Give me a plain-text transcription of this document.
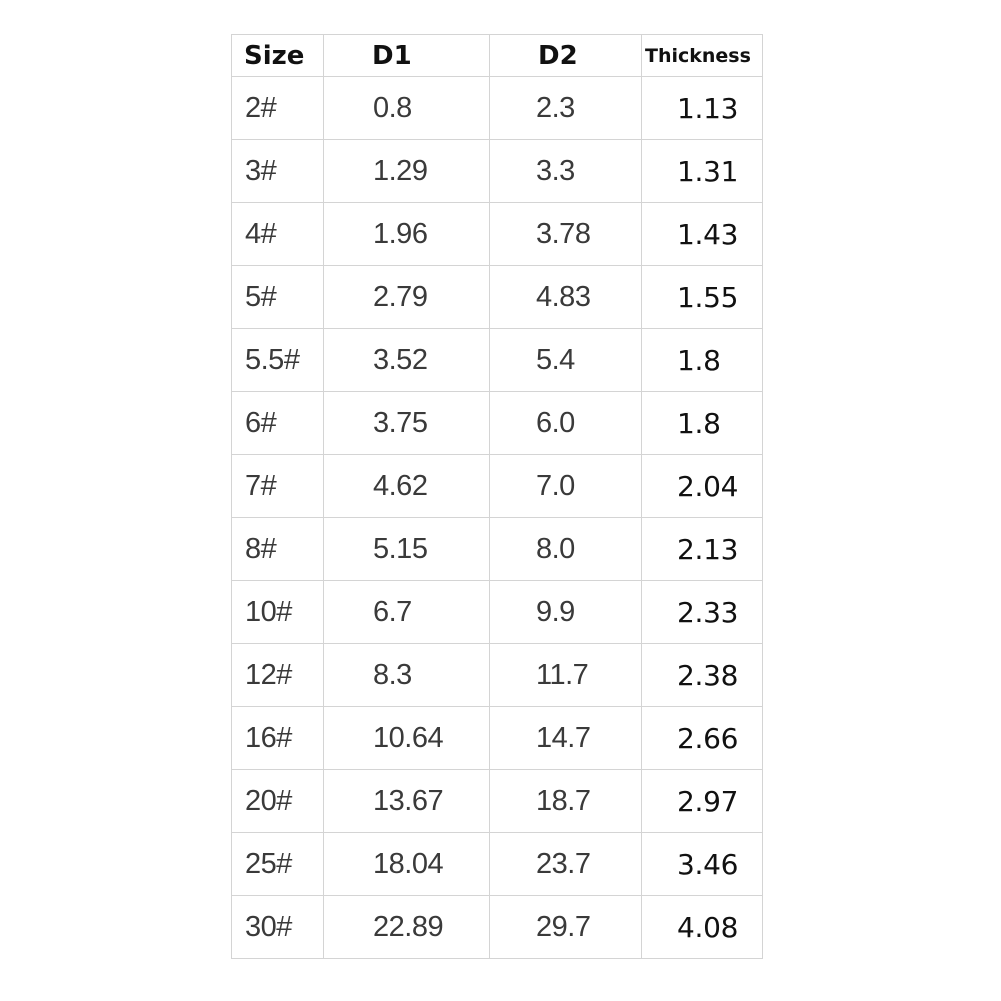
Size	D1	D2	Thickness
2#	0.8	2.3	1.13
3#	1.29	3.3	1.31
4#	1.96	3.78	1.43
5#	2.79	4.83	1.55
5.5#	3.52	5.4	1.8
6#	3.75	6.0	1.8
7#	4.62	7.0	2.04
8#	5.15	8.0	2.13
10#	6.7	9.9	2.33
12#	8.3	11.7	2.38
16#	10.64	14.7	2.66
20#	13.67	18.7	2.97
25#	18.04	23.7	3.46
30#	22.89	29.7	4.08
